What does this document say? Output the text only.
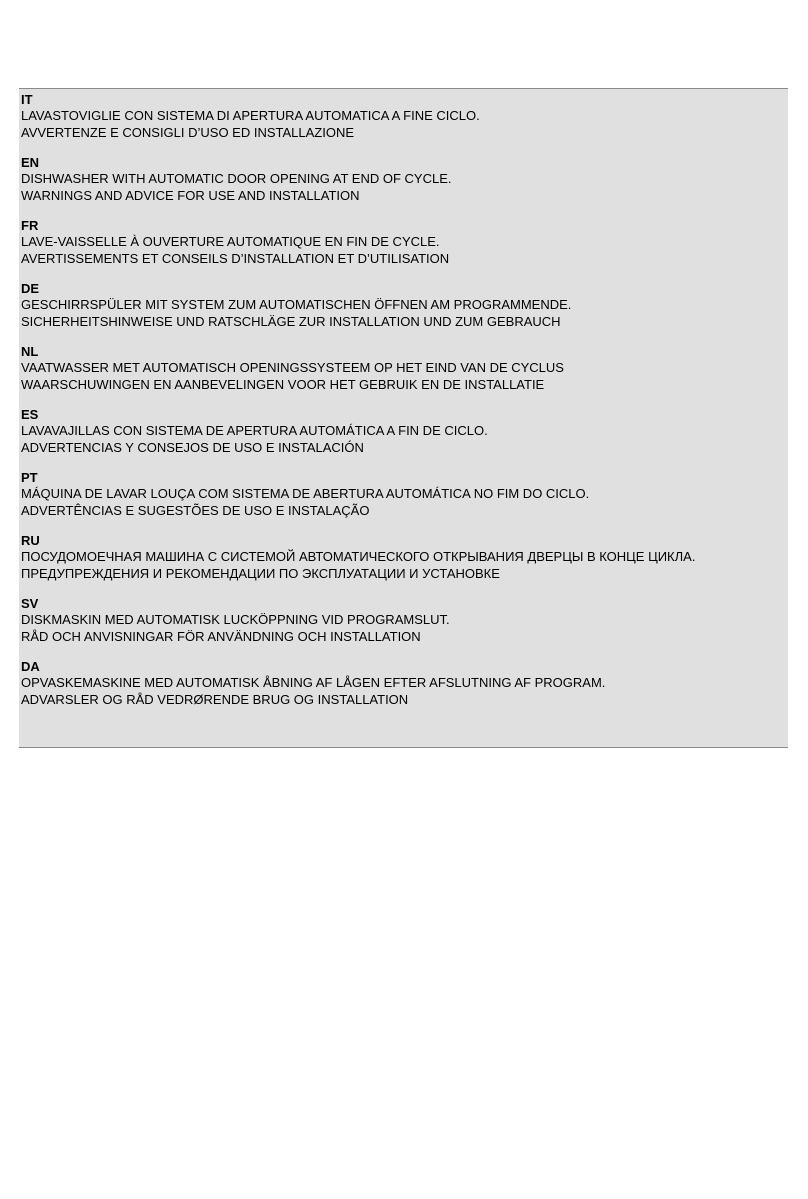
IT
LAVASTOVIGLIE CON SISTEMA DI APERTURA AUTOMATICA A FINE CICLO.
AVVERTENZE E CONSIGLI D’USO ED INSTALLAZIONE
EN
DISHWASHER WITH AUTOMATIC DOOR OPENING AT END OF CYCLE.
WARNINGS AND ADVICE FOR USE AND INSTALLATION
FR
LAVE-VAISSELLE À OUVERTURE AUTOMATIQUE EN FIN DE CYCLE.
AVERTISSEMENTS ET CONSEILS D’INSTALLATION ET D’UTILISATION
DE
GESCHIRRSPÜLER MIT SYSTEM ZUM AUTOMATISCHEN ÖFFNEN AM PROGRAMMENDE.
SICHERHEITSHINWEISE UND RATSCHLÄGE ZUR INSTALLATION UND ZUM GEBRAUCH
NL
VAATWASSER MET AUTOMATISCH OPENINGSSYSTEEM OP HET EIND VAN DE CYCLUS
WAARSCHUWINGEN EN AANBEVELINGEN VOOR HET GEBRUIK EN DE INSTALLATIE
ES
LAVAVAJILLAS CON SISTEMA DE APERTURA AUTOMÁTICA A FIN DE CICLO.
ADVERTENCIAS Y CONSEJOS DE USO E INSTALACIÓN
PT
MÁQUINA DE LAVAR LOUÇA COM SISTEMA DE ABERTURA AUTOMÁTICA NO FIM DO CICLO.
ADVERTÊNCIAS E SUGESTÕES DE USO E INSTALAÇÃO
RU
ПОСУДОМОЕЧНАЯ МАШИНА С СИСТЕМОЙ АВТОМАТИЧЕСКОГО ОТКРЫВАНИЯ ДВЕРЦЫ В КОНЦЕ ЦИКЛА.
ПРЕДУПРЕЖДЕНИЯ И РЕКОМЕНДАЦИИ ПО ЭКСПЛУАТАЦИИ И УСТАНОВКЕ
SV
DISKMASKIN MED AUTOMATISK LUCKÖPPNING VID PROGRAMSLUT.
RÅD OCH ANVISNINGAR FÖR ANVÄNDNING OCH INSTALLATION
DA
OPVASKEMASKINE MED AUTOMATISK ÅBNING AF LÅGEN EFTER AFSLUTNING AF PROGRAM.
ADVARSLER OG RÅD VEDRØRENDE BRUG OG INSTALLATION
